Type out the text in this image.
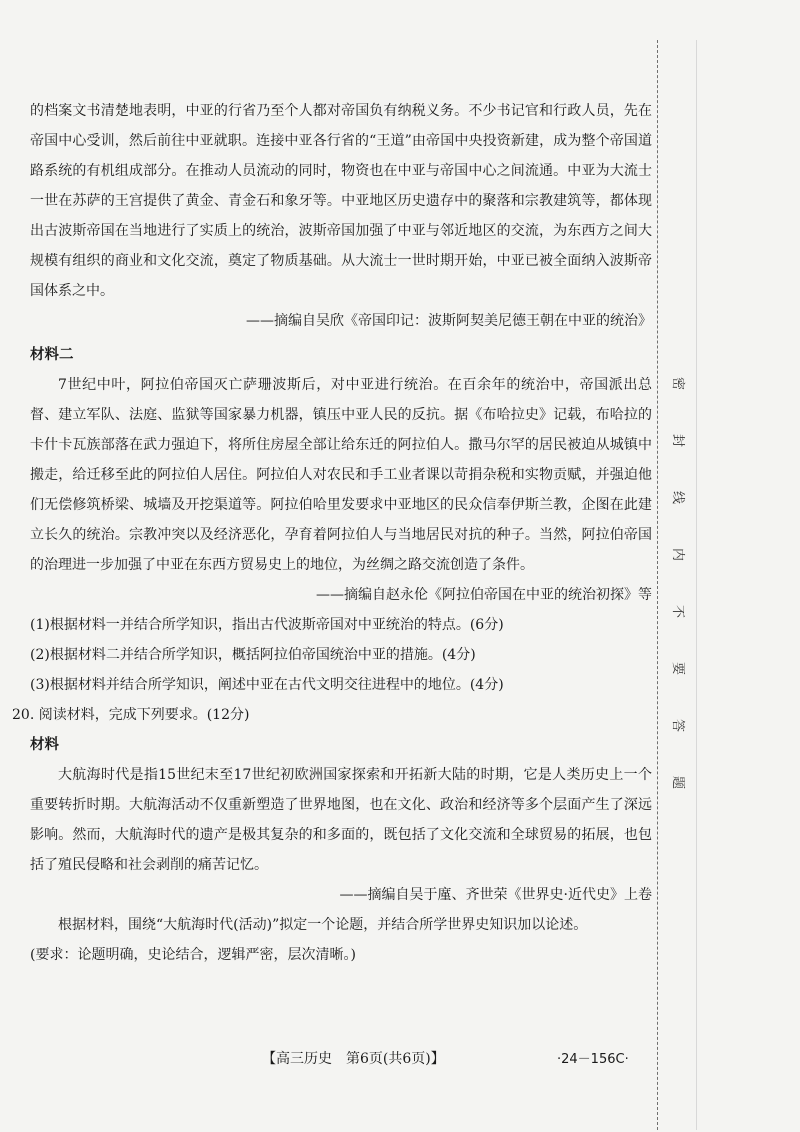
的档案文书清楚地表明，中亚的行省乃至个人都对帝国负有纳税义务。不少书记官和行政人员，先在帝国中心受训，然后前往中亚就职。连接中亚各行省的“王道”由帝国中央投资新建，成为整个帝国道路系统的有机组成部分。在推动人员流动的同时，物资也在中亚与帝国中心之间流通。中亚为大流士一世在苏萨的王宫提供了黄金、青金石和象牙等。中亚地区历史遗存中的聚落和宗教建筑等，都体现出古波斯帝国在当地进行了实质上的统治，波斯帝国加强了中亚与邻近地区的交流，为东西方之间大规模有组织的商业和文化交流，奠定了物质基础。从大流士一世时期开始，中亚已被全面纳入波斯帝国体系之中。

——摘编自吴欣《帝国印记：波斯阿契美尼德王朝在中亚的统治》

材料二

7世纪中叶，阿拉伯帝国灭亡萨珊波斯后，对中亚进行统治。在百余年的统治中，帝国派出总督、建立军队、法庭、监狱等国家暴力机器，镇压中亚人民的反抗。据《布哈拉史》记载，布哈拉的卡什卡瓦族部落在武力强迫下，将所住房屋全部让给东迁的阿拉伯人。撒马尔罕的居民被迫从城镇中搬走，给迁移至此的阿拉伯人居住。阿拉伯人对农民和手工业者课以苛捐杂税和实物贡赋，并强迫他们无偿修筑桥梁、城墙及开挖渠道等。阿拉伯哈里发要求中亚地区的民众信奉伊斯兰教，企图在此建立长久的统治。宗教冲突以及经济恶化，孕育着阿拉伯人与当地居民对抗的种子。当然，阿拉伯帝国的治理进一步加强了中亚在东西方贸易史上的地位，为丝绸之路交流创造了条件。

——摘编自赵永伦《阿拉伯帝国在中亚的统治初探》等

(1)根据材料一并结合所学知识，指出古代波斯帝国对中亚统治的特点。(6分)

(2)根据材料二并结合所学知识，概括阿拉伯帝国统治中亚的措施。(4分)

(3)根据材料并结合所学知识，阐述中亚在古代文明交往进程中的地位。(4分)

20. 阅读材料，完成下列要求。(12分)

材料

大航海时代是指15世纪末至17世纪初欧洲国家探索和开拓新大陆的时期，它是人类历史上一个重要转折时期。大航海活动不仅重新塑造了世界地图，也在文化、政治和经济等多个层面产生了深远影响。然而，大航海时代的遗产是极其复杂的和多面的，既包括了文化交流和全球贸易的拓展，也包括了殖民侵略和社会剥削的痛苦记忆。

——摘编自吴于廑、齐世荣《世界史·近代史》上卷

根据材料，围绕“大航海时代(活动)”拟定一个论题，并结合所学世界史知识加以论述。

(要求：论题明确，史论结合，逻辑严密，层次清晰。)

密
封
线
内
不
要
答
题
【高三历史　第6页(共6页)】	·24－156C·
